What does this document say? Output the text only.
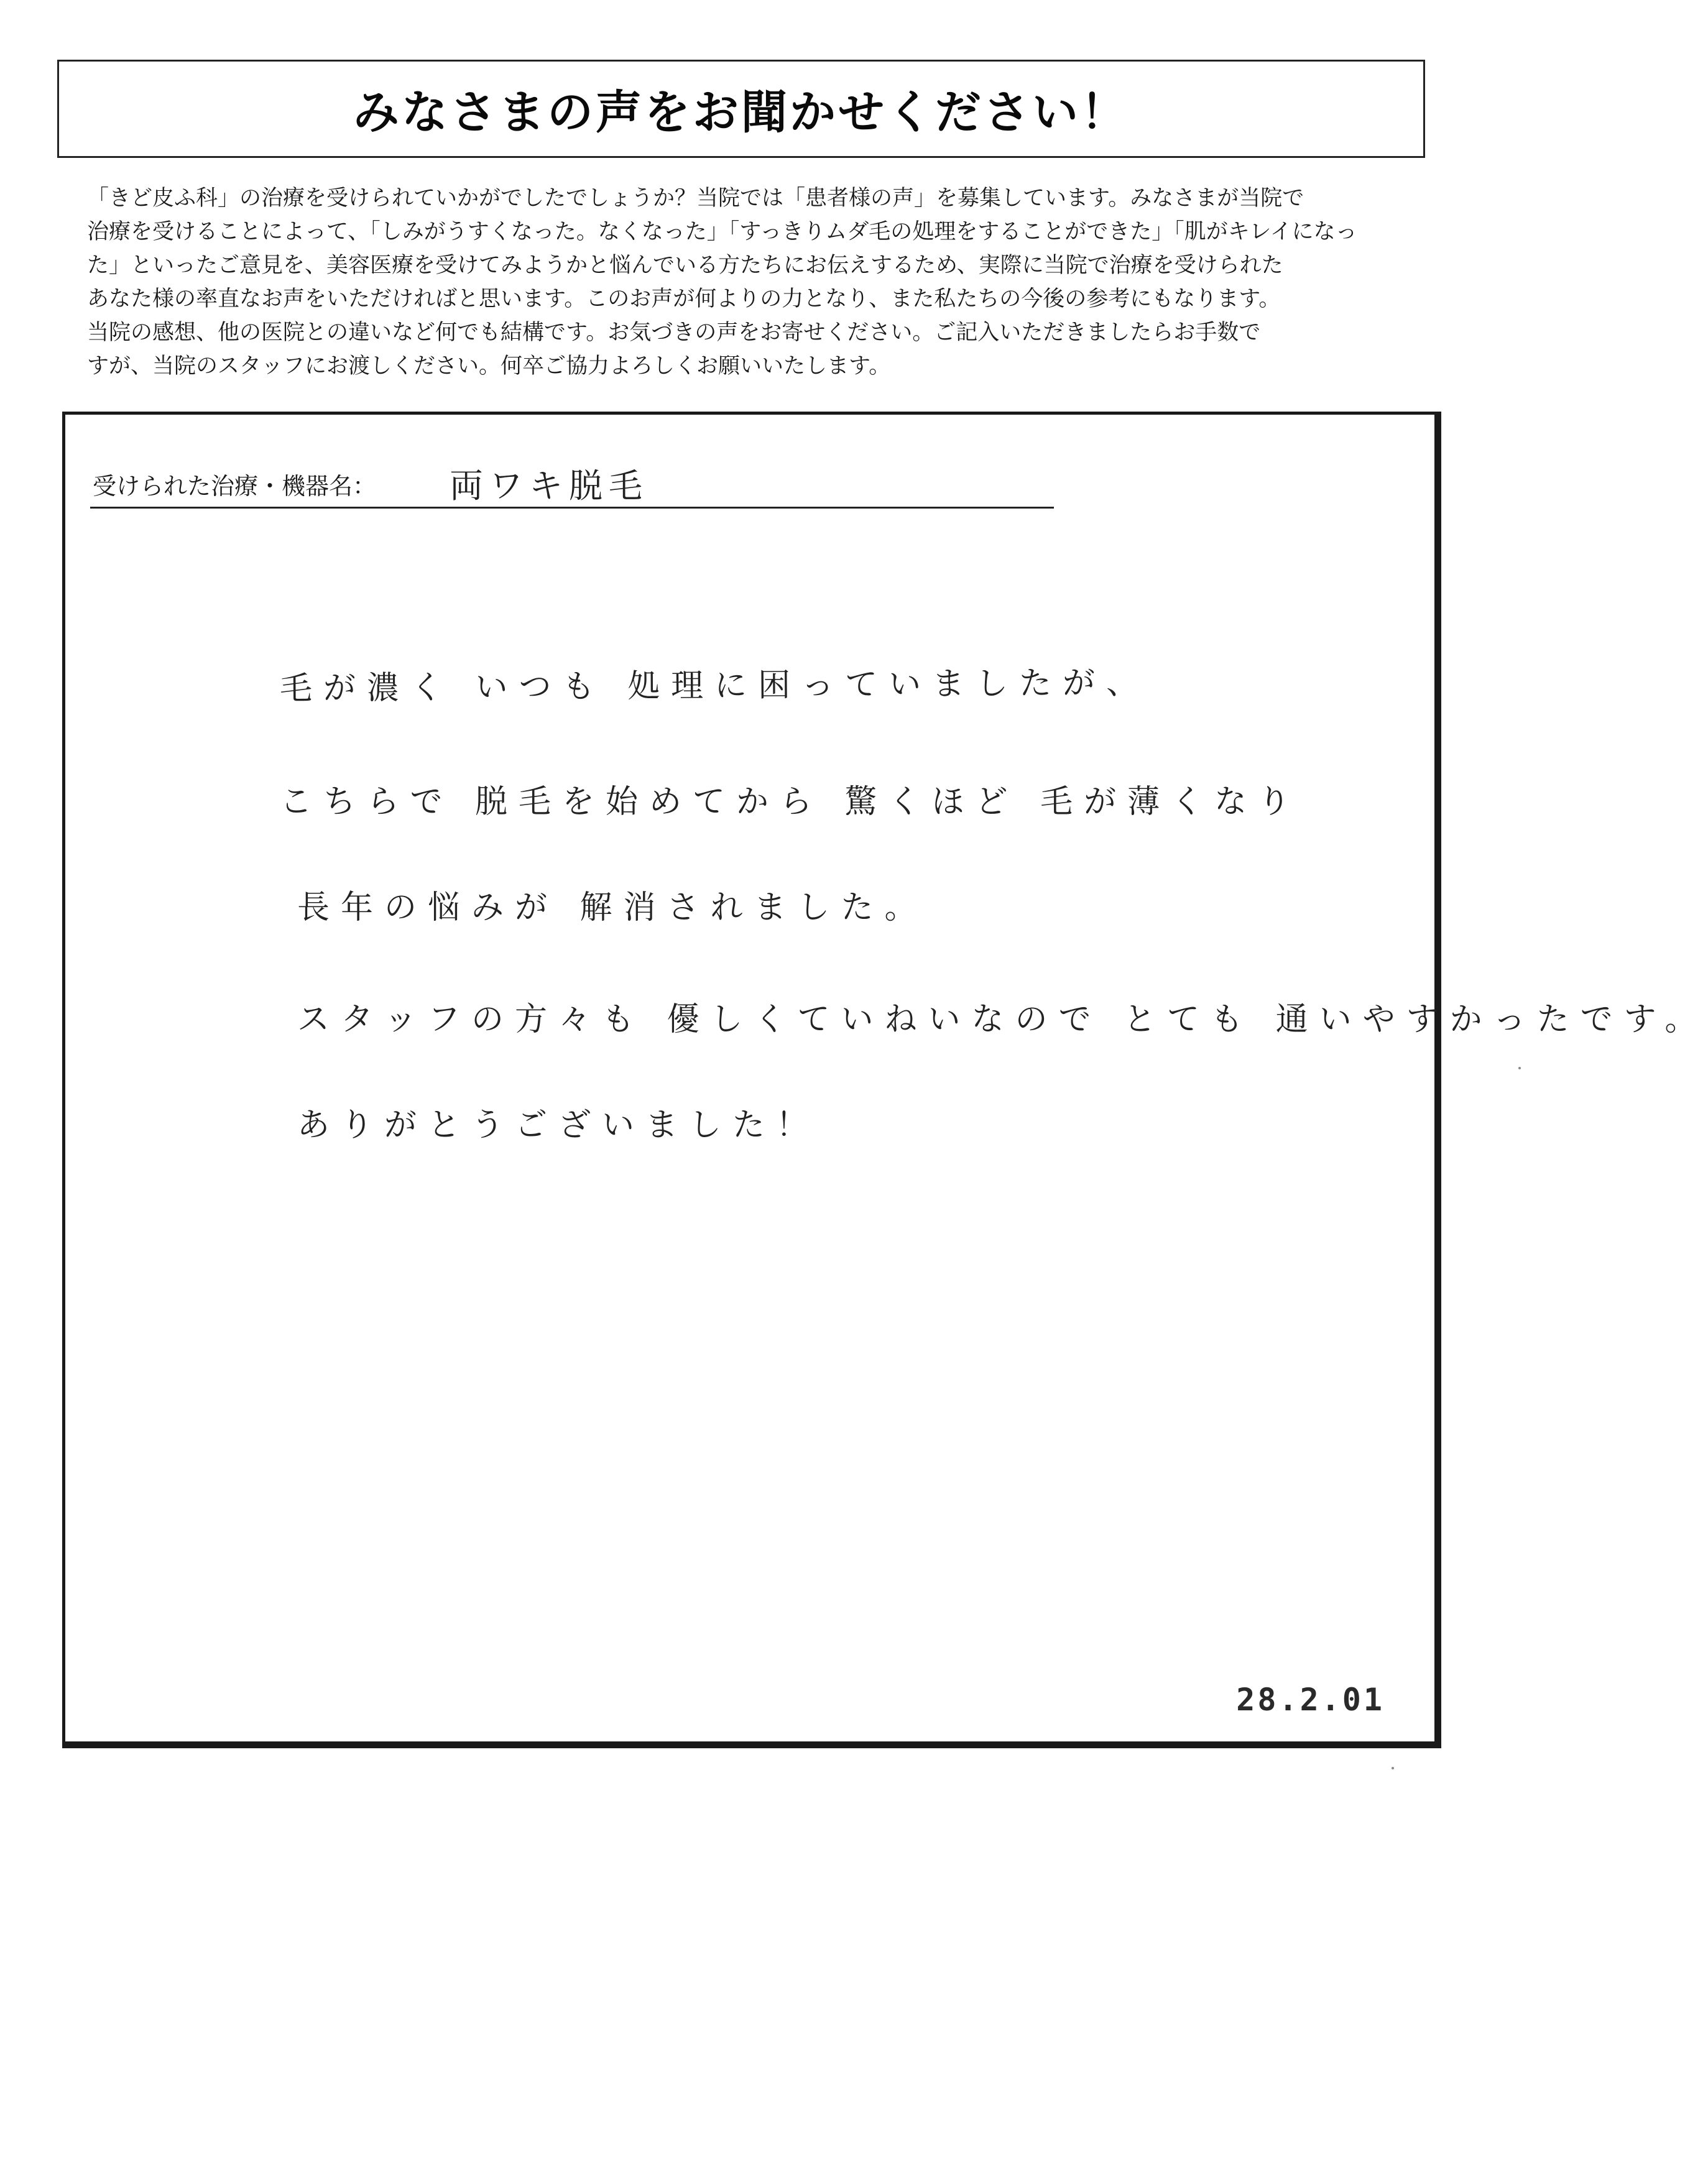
みなさまの声をお聞かせください！
「きど皮ふ科」の治療を受けられていかがでしたでしょうか？当院では「患者様の声」を募集しています。みなさまが当院で
治療を受けることによって、「しみがうすくなった。なくなった」「すっきりムダ毛の処理をすることができた」「肌がキレイになっ
た」といったご意見を、美容医療を受けてみようかと悩んでいる方たちにお伝えするため、実際に当院で治療を受けられた
あなた様の率直なお声をいただければと思います。このお声が何よりの力となり、また私たちの今後の参考にもなります。
当院の感想、他の医院との違いなど何でも結構です。お気づきの声をお寄せください。ご記入いただきましたらお手数で
すが、当院のスタッフにお渡しください。何卒ご協力よろしくお願いいたします。
受けられた治療・機器名： 両ワキ脱毛
毛が濃く いつも 処理に困っていましたが、
こちらで 脱毛を始めてから 驚くほど 毛が薄くなり
長年の悩みが 解消されました。
スタッフの方々も 優しくていねいなので とても 通いやすかったです。
ありがとうございました！
28.2.01
